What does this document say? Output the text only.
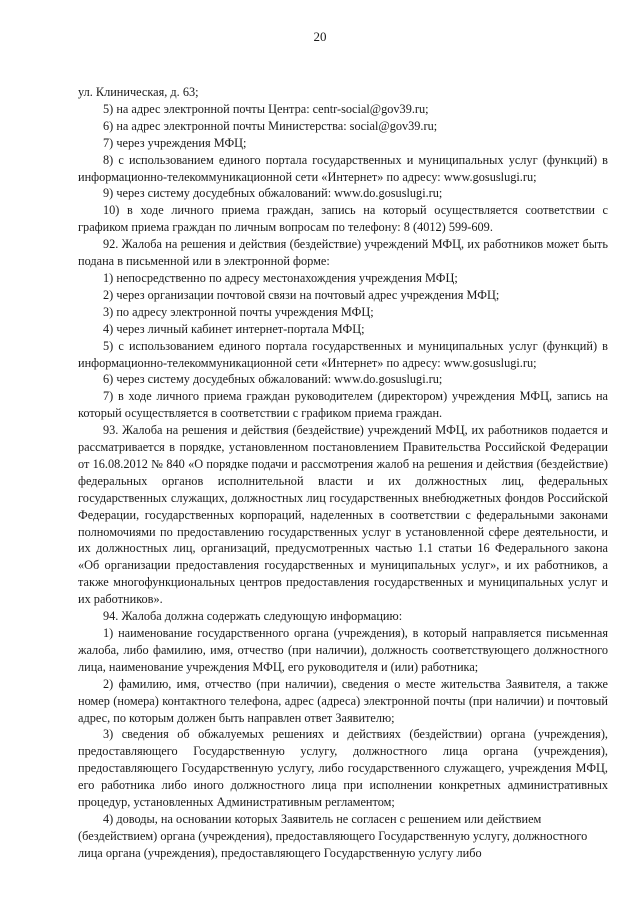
20

ул. Клиническая, д. 63;

5) на адрес электронной почты Центра: centr-social@gov39.ru;

6) на адрес электронной почты Министерства: social@gov39.ru;

7) через учреждения МФЦ;

8) с использованием единого портала государственных и муниципальных услуг (функций) в информационно-телекоммуникационной сети «Интернет» по адресу: www.gosuslugi.ru;

9) через систему досудебных обжалований: www.do.gosuslugi.ru;

10) в ходе личного приема граждан, запись на который осуществляется соответствии с графиком приема граждан по личным вопросам по телефону: 8 (4012) 599-609.

92. Жалоба на решения и действия (бездействие) учреждений МФЦ, их работников может быть подана в письменной или в электронной форме:

1) непосредственно по адресу местонахождения учреждения МФЦ;

2) через организации почтовой связи на почтовый адрес учреждения МФЦ;

3) по адресу электронной почты учреждения МФЦ;

4) через личный кабинет интернет-портала МФЦ;

5) с использованием единого портала государственных и муниципальных услуг (функций) в информационно-телекоммуникационной сети «Интернет» по адресу: www.gosuslugi.ru;

6) через систему досудебных обжалований: www.do.gosuslugi.ru;

7) в ходе личного приема граждан руководителем (директором) учреждения МФЦ, запись на который осуществляется в соответствии с графиком приема граждан.

93. Жалоба на решения и действия (бездействие) учреждений МФЦ, их работников подается и рассматривается в порядке, установленном постановлением Правительства Российской Федерации от 16.08.2012 № 840 «О порядке подачи и рассмотрения жалоб на решения и действия (бездействие) федеральных органов исполнительной власти и их должностных лиц, федеральных государственных служащих, должностных лиц государственных внебюджетных фондов Российской Федерации, государственных корпораций, наделенных в соответствии с федеральными законами полномочиями по предоставлению государственных услуг в установленной сфере деятельности, и их должностных лиц, организаций, предусмотренных частью 1.1 статьи 16 Федерального закона «Об организации предоставления государственных и муниципальных услуг», и их работников, а также многофункциональных центров предоставления государственных и муниципальных услуг и их работников».

94. Жалоба должна содержать следующую информацию:

1) наименование государственного органа (учреждения), в который направляется письменная жалоба, либо фамилию, имя, отчество (при наличии), должность соответствующего должностного лица, наименование учреждения МФЦ, его руководителя и (или) работника;

2) фамилию, имя, отчество (при наличии), сведения о месте жительства Заявителя, а также номер (номера) контактного телефона, адрес (адреса) электронной почты (при наличии) и почтовый адрес, по которым должен быть направлен ответ Заявителю;

3) сведения об обжалуемых решениях и действиях (бездействии) органа (учреждения), предоставляющего Государственную услугу, должностного лица органа (учреждения), предоставляющего Государственную услугу, либо государственного служащего, учреждения МФЦ, его работника либо иного должностного лица при исполнении конкретных административных процедур, установленных Административным регламентом;

4) доводы, на основании которых Заявитель не согласен с решением или действием (бездействием) органа (учреждения), предоставляющего Государственную услугу, должностного лица органа (учреждения), предоставляющего Государственную услугу либо
